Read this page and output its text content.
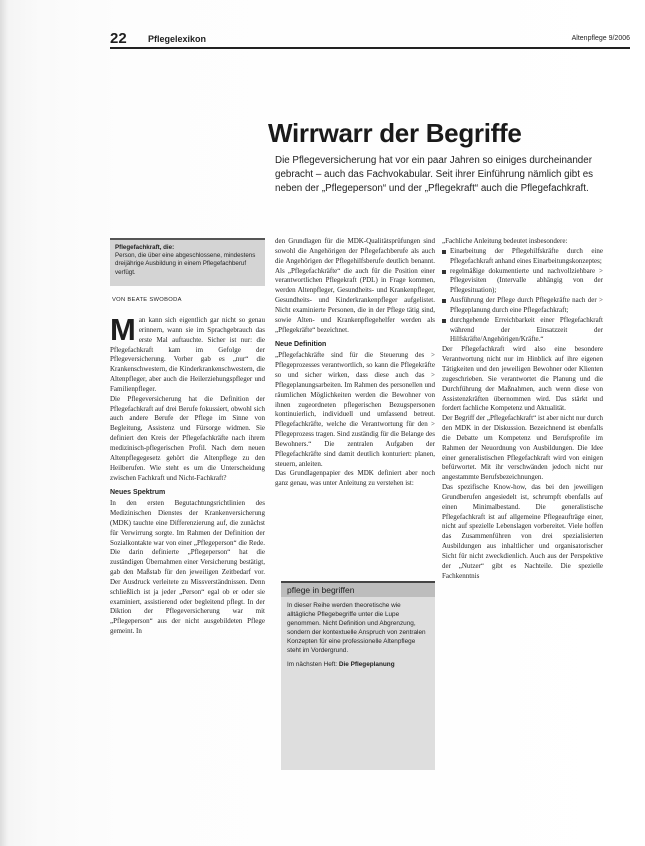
22 Pflegelexikon	Altenpflege 9/2006
Wirrwarr der Begriffe
Die Pflegeversicherung hat vor ein paar Jahren so einiges durcheinander gebracht – auch das Fachvokabular. Seit ihrer Einführung nämlich gibt es neben der „Pflegeperson“ und der „Pflegekraft“ auch die Pflegefachkraft.
Pflegefachkraft, die:
Person, die über eine abgeschlossene, mindestens dreijährige Ausbildung in einem Pflegefachberuf verfügt.
VON BEATE SWOBODA

Man kann sich eigentlich gar nicht so genau erinnern, wann sie im Sprachgebrauch das erste Mal auftauchte. Sicher ist nur: die Pflegefachkraft kam im Gefolge der Pflegeversicherung. Vorher gab es „nur“ die Krankenschwestern, die Kinderkrankenschwestern, die Altenpfleger, aber auch die Heilerziehungspfleger und Familienpfleger.

Die Pflegeversicherung hat die Definition der Pflegefachkraft auf drei Berufe fokussiert, obwohl sich auch andere Berufe der Pflege im Sinne von Begleitung, Assistenz und Fürsorge widmen. Sie definiert den Kreis der Pflegefachkräfte nach ihrem medizinisch-pflegerischen Profil. Nach dem neuen Altenpflegegesetz gehört die Altenpflege zu den Heilberufen. Wie steht es um die Unterscheidung zwischen Fachkraft und Nicht-Fachkraft?

Neues Spektrum

In den ersten Begutachtungsrichtlinien des Medizinischen Dienstes der Krankenversicherung (MDK) tauchte eine Differenzierung auf, die zunächst für Verwirrung sorgte. Im Rahmen der Definition der Sozialkontakte war von einer „Pflegeperson“ die Rede. Die darin definierte „Pflegeperson“ hat die zuständigen Übernahmen einer Versicherung bestätigt, gab den Maßstab für den jeweiligen Zeitbedarf vor. Der Ausdruck verleitete zu Missverständnissen. Denn schließlich ist ja jeder „Person“ egal ob er oder sie examiniert, assistierend oder begleitend pflegt. In der Diktion der Pflegeversicherung war mit „Pflegeperson“ aus der nicht ausgebildeten Pflege gemeint. In

den Grundlagen für die MDK-Qualitätsprüfungen sind sowohl die Angehörigen der Pflegefachberufe als auch die Angehörigen der Pflegehilfsberufe deutlich benannt. Als „Pflegefachkräfte“ die auch für die Position einer verantwortlichen Pflegekraft (PDL) in Frage kommen, werden Altenpfleger, Gesundheits- und Krankenpfleger, Gesundheits- und Kinderkrankenpfleger aufgelistet. Nicht examinierte Personen, die in der Pflege tätig sind, sowie Alten- und Krankenpflegehelfer werden als „Pflegekräfte“ bezeichnet.

Neue Definition

„Pflegefachkräfte sind für die Steuerung des > Pflegeprozesses verantwortlich, so kann die Pflegekräfte so und sicher wirken, dass diese auch das > Pflegeplanungsarbeiten. Im Rahmen des personellen und räumlichen Möglichkeiten werden die Bewohner von ihnen zugeordneten pflegerischen Bezugspersonen kontinuierlich, individuell und umfassend betreut. Pflegefachkräfte, welche die Verantwortung für den > Pflegeprozess tragen. Sind zuständig für die Belange des Bewohners.“ Die zentralen Aufgaben der Pflegefachkräfte sind damit deutlich konturiert: planen, steuern, anleiten.

Das Grundlagenpapier des MDK definiert aber noch ganz genau, was unter Anleitung zu verstehen ist:

pflege in begriffen

In dieser Reihe werden theoretische wie alltägliche Pflegebegriffe unter die Lupe genommen. Nicht Definition und Abgrenzung, sondern der kontextuelle Anspruch von zentralen Konzepten für eine professionelle Altenpflege steht im Vordergrund.

Im nächsten Heft: Die Pflegeplanung

„Fachliche Anleitung bedeutet insbesondere:

Einarbeitung der Pflegehilfskräfte durch eine Pflegefachkraft anhand eines Einarbeitungskonzeptes;
regelmäßige dokumentierte und nachvollziehbare > Pflegevisiten (Intervalle abhängig von der Pflegesituation);
Ausführung der Pflege durch Pflegekräfte nach der > Pflegeplanung durch eine Pflegefachkraft;
durchgehende Erreichbarkeit einer Pflegefachkraft während der Einsatzzeit der Hilfskräfte/Angehörigen/Kräfte.“

Der Pflegefachkraft wird also eine besondere Verantwortung nicht nur im Hinblick auf ihre eigenen Tätigkeiten und den jeweiligen Bewohner oder Klienten zugeschrieben. Sie verantwortet die Planung und die Durchführung der Maßnahmen, auch wenn diese von Assistenzkräften übernommen wird. Das stärkt und fordert fachliche Kompetenz und Aktualität.

Der Begriff der „Pflegefachkraft“ ist aber nicht nur durch den MDK in der Diskussion. Bezeichnend ist ebenfalls die Debatte um Kompetenz und Berufsprofile im Rahmen der Neuordnung von Ausbildungen. Die Idee einer generalistischen Pflegefachkraft wird von einigen befürwortet. Mit ihr verschwänden jedoch nicht nur angestammte Berufsbezeichnungen.

Das spezifische Know-how, das bei den jeweiligen Grundberufen angesiedelt ist, schrumpft ebenfalls auf einen Minimalbestand. Die generalistische Pflegefachkraft ist auf allgemeine Pflegeaufträge einer, nicht auf spezielle Lebenslagen vorbereitet. Viele hoffen das Zusammenführen von drei spezialisierten Ausbildungen aus inhaltlicher und organisatorischer Sicht für nicht zweckdienlich. Auch aus der Perspektive der „Nutzer“ gibt es Nachteile. Die spezielle Fachkenntnis
